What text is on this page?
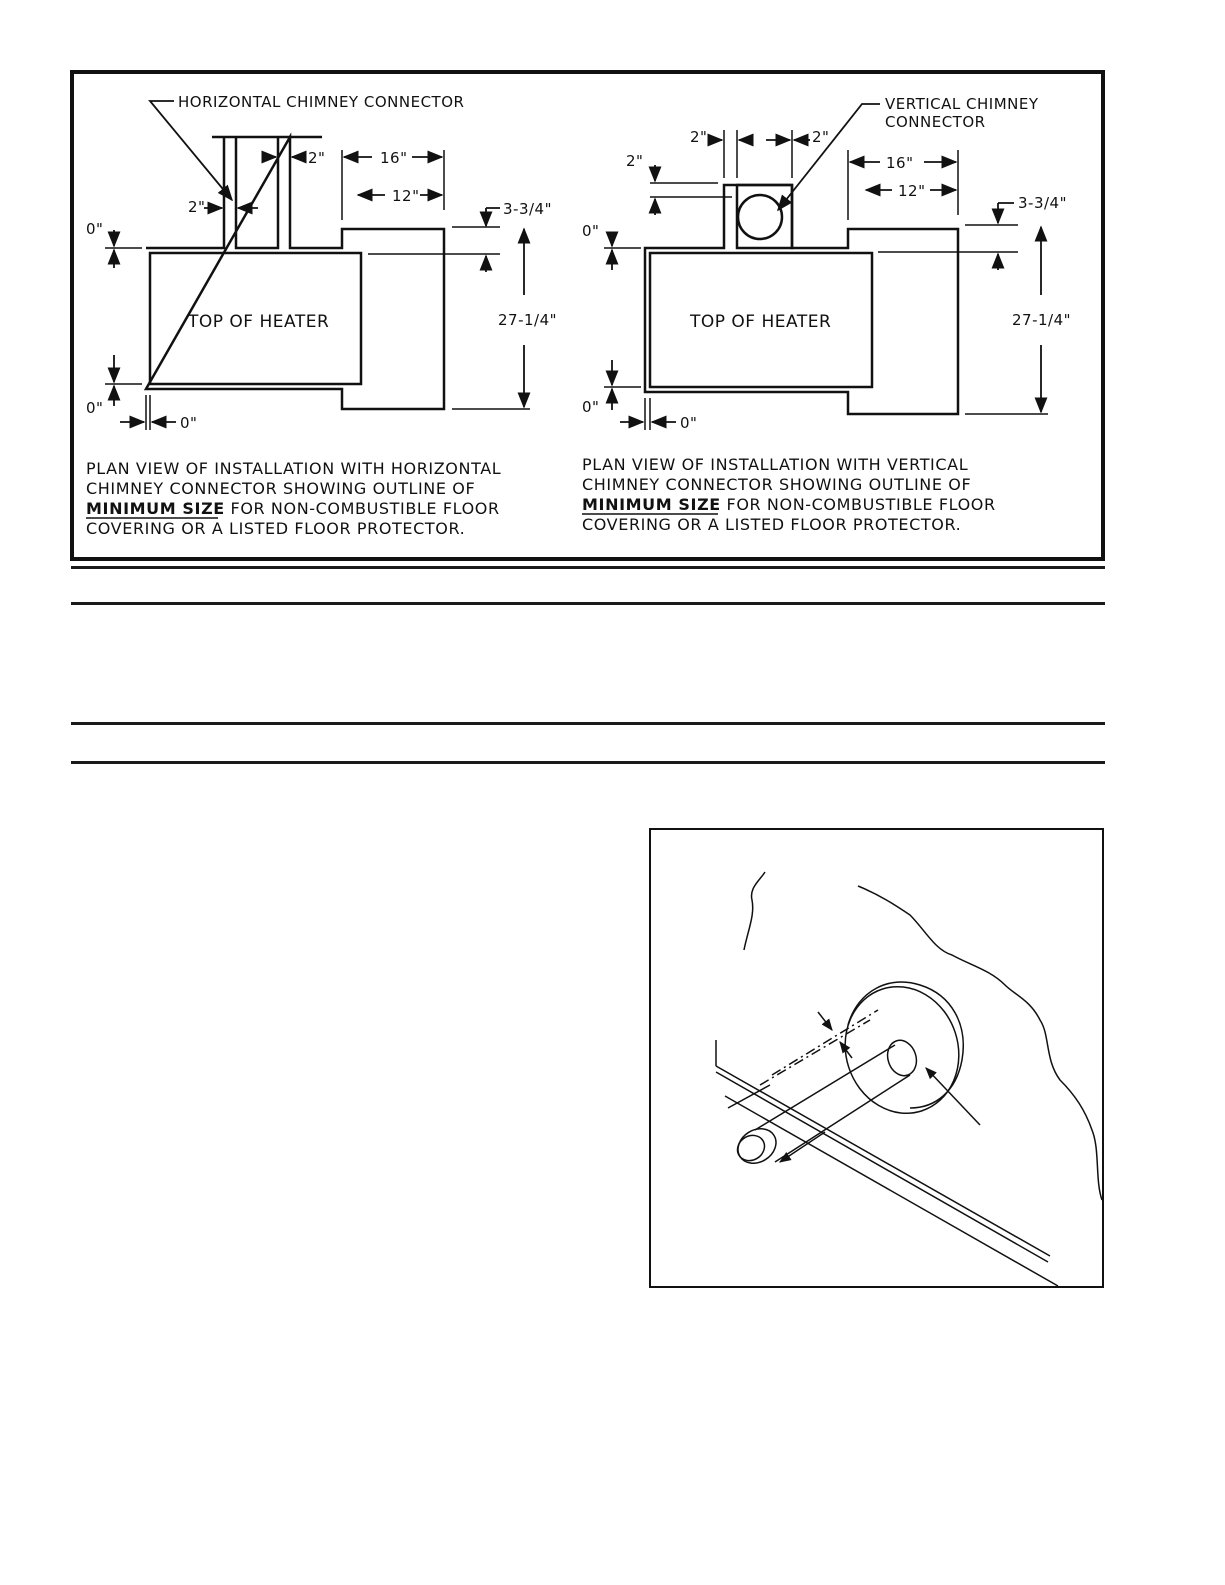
HORIZONTAL CHIMNEY CONNECTOR
TOP OF HEATER
16"
12"
2"
2"	3-3/4"
27-1/4"
0"
0"
0"
PLAN VIEW OF INSTALLATION WITH HORIZONTAL
CHIMNEY CONNECTOR SHOWING OUTLINE OF
MINIMUM SIZE FOR NON-COMBUSTIBLE FLOOR
COVERING OR A LISTED FLOOR PROTECTOR.
VERTICAL CHIMNEY
CONNECTOR
TOP OF HEATER
16"
12"
2"	2"
2"
3-3/4"
27-1/4"
0"
0"
0"
PLAN VIEW OF INSTALLATION WITH VERTICAL
CHIMNEY CONNECTOR SHOWING OUTLINE OF
MINIMUM SIZE FOR NON-COMBUSTIBLE FLOOR
COVERING OR A LISTED FLOOR PROTECTOR.
